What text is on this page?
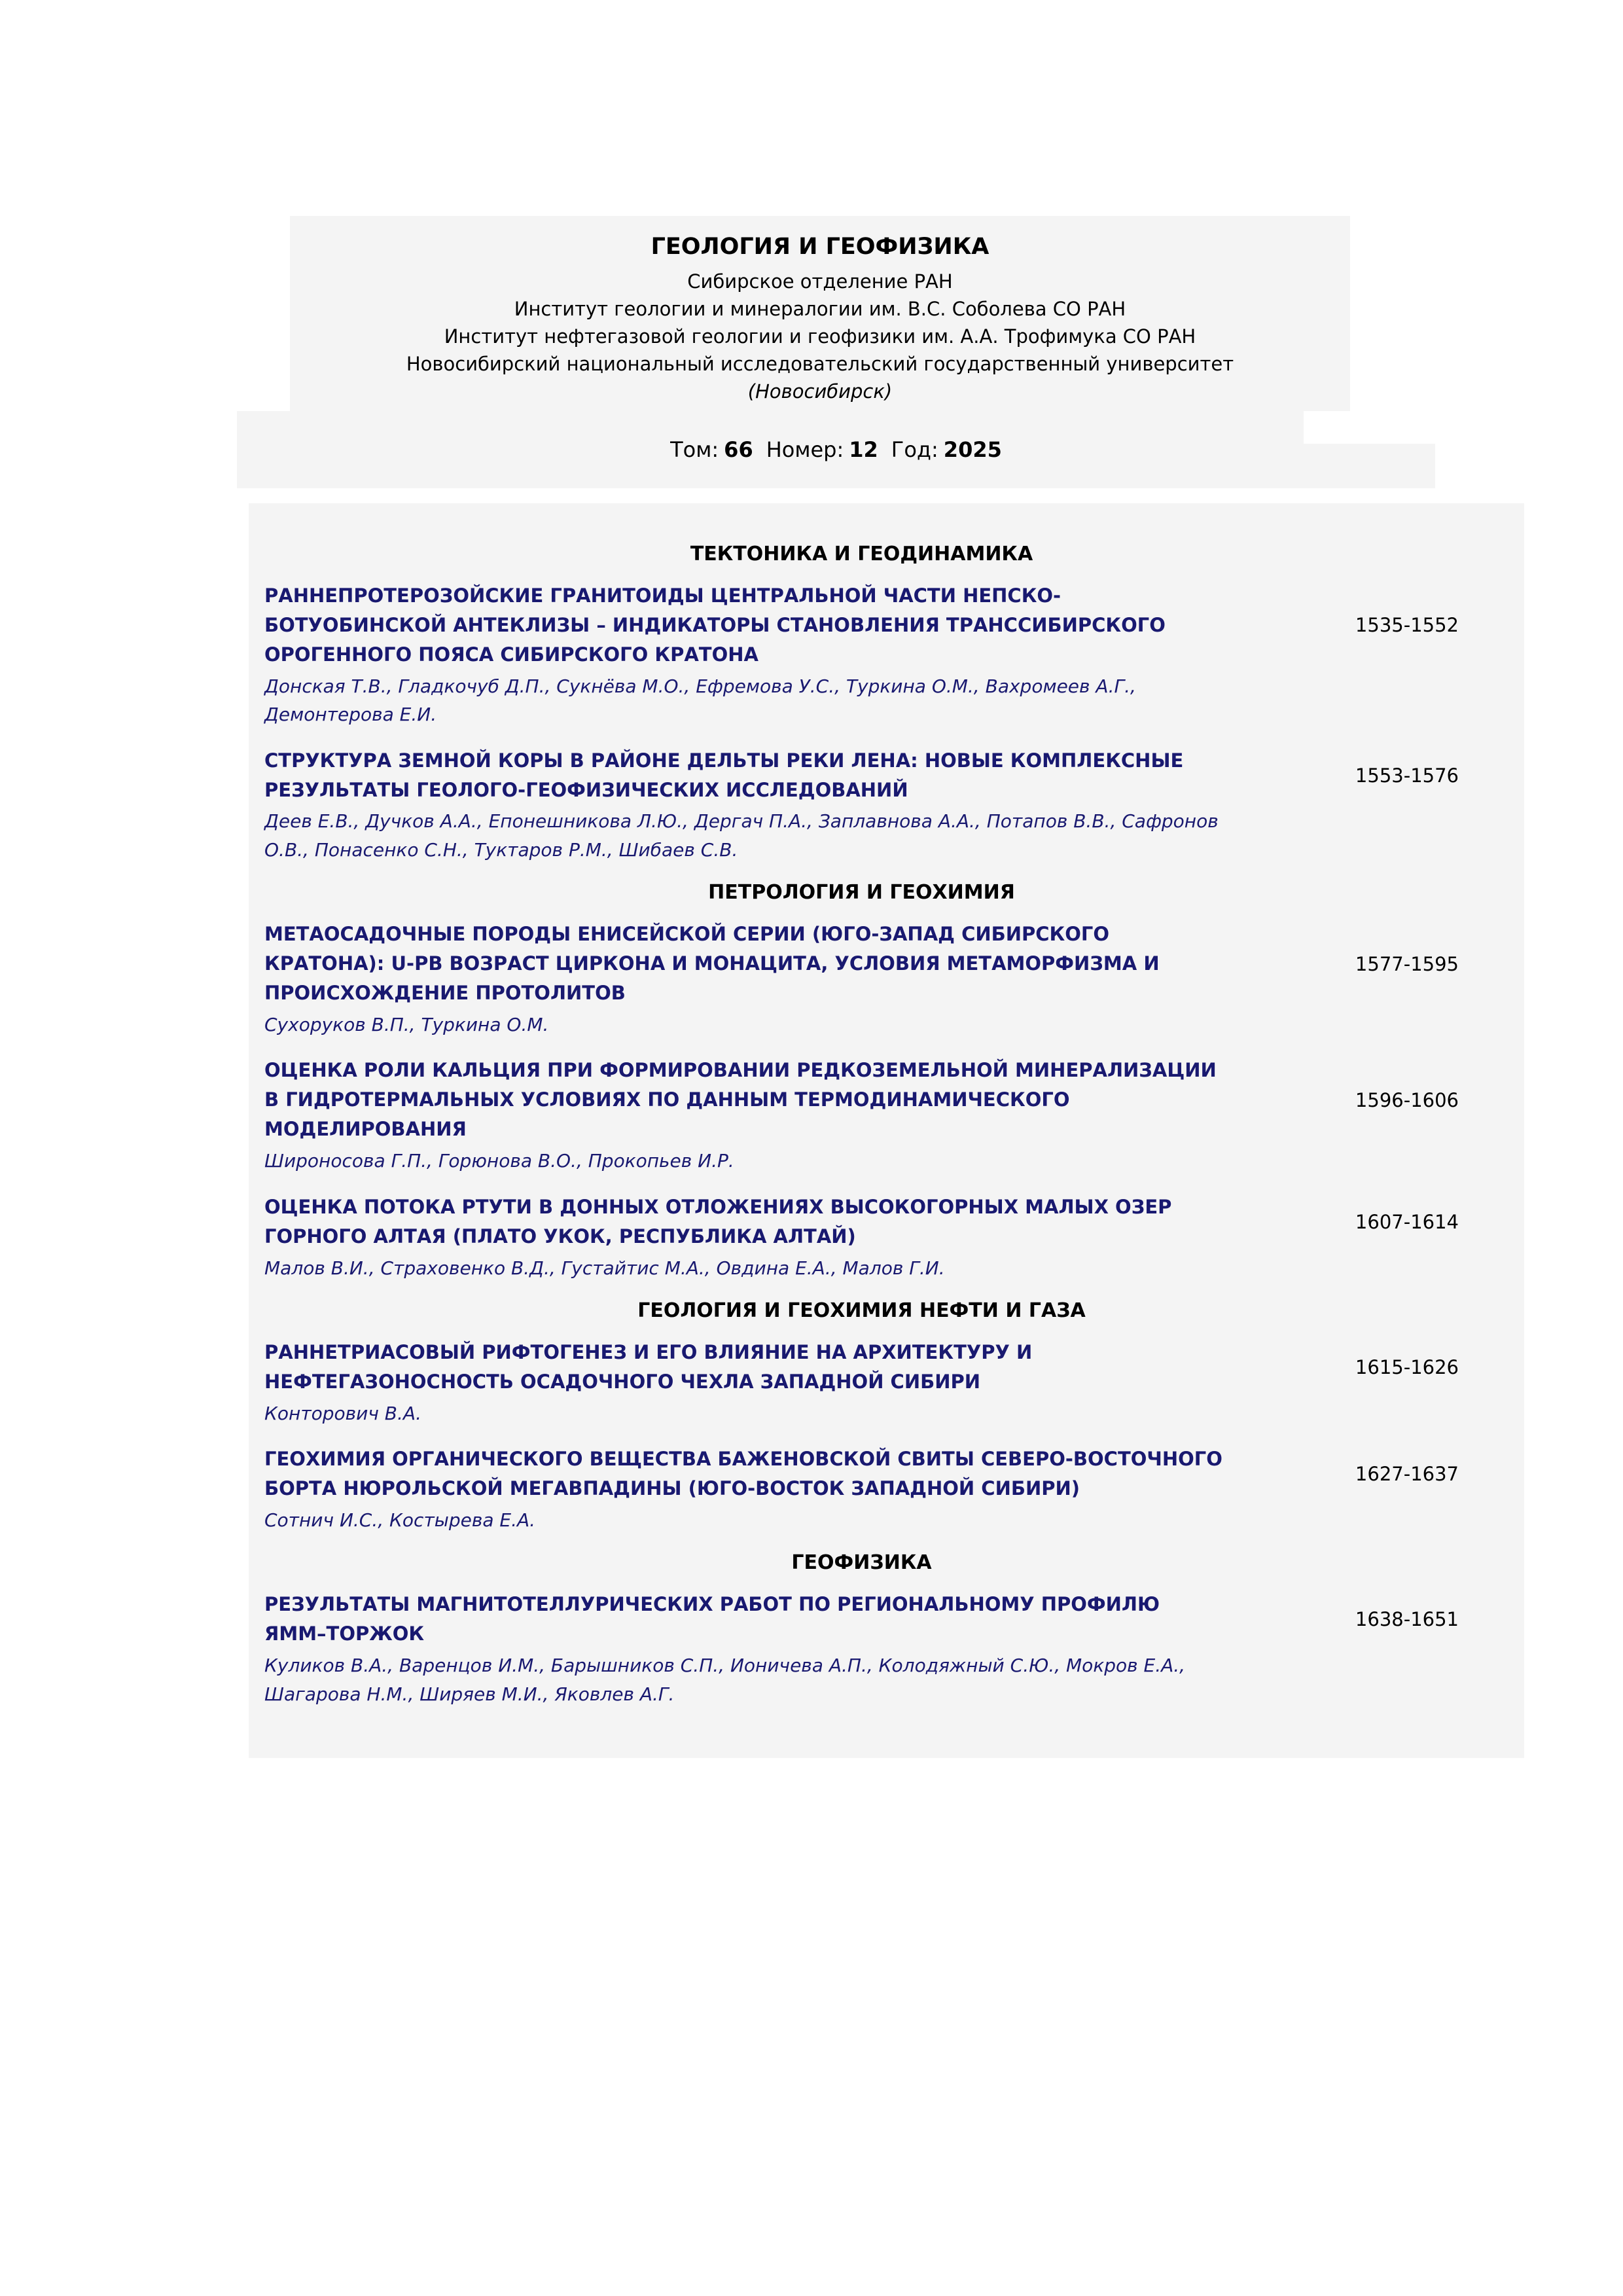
ГЕОЛОГИЯ И ГЕОФИЗИКА
Сибирское отделение РАН
Институт геологии и минералогии им. В.С. Соболева СО РАН
Институт нефтегазовой геологии и геофизики им. А.А. Трофимука СО РАН
Новосибирский национальный исследовательский государственный университет
(Новосибирск)
Том: 66 Номер: 12 Год: 2025
ТЕКТОНИКА И ГЕОДИНАМИКА
РАННЕПРОТЕРОЗОЙСКИЕ ГРАНИТОИДЫ ЦЕНТРАЛЬНОЙ ЧАСТИ НЕПСКО-БОТУОБИНСКОЙ АНТЕКЛИЗЫ – ИНДИКАТОРЫ СТАНОВЛЕНИЯ ТРАНССИБИРСКОГО ОРОГЕННОГО ПОЯСА СИБИРСКОГО КРАТОНА
Донская Т.В., Гладкочуб Д.П., Сукнёва М.О., Ефремова У.С., Туркина О.М., Вахромеев А.Г., Демонтерова Е.И.
1535-1552
СТРУКТУРА ЗЕМНОЙ КОРЫ В РАЙОНЕ ДЕЛЬТЫ РЕКИ ЛЕНА: НОВЫЕ КОМПЛЕКСНЫЕ РЕЗУЛЬТАТЫ ГЕОЛОГО-ГЕОФИЗИЧЕСКИХ ИССЛЕДОВАНИЙ
Деев Е.В., Дучков А.А., Епонешникова Л.Ю., Дергач П.А., Заплавнова А.А., Потапов В.В., Сафронов О.В., Понасенко С.Н., Туктаров Р.М., Шибаев С.В.
1553-1576
ПЕТРОЛОГИЯ И ГЕОХИМИЯ
МЕТАОСАДОЧНЫЕ ПОРОДЫ ЕНИСЕЙСКОЙ СЕРИИ (ЮГО-ЗАПАД СИБИРСКОГО КРАТОНА): U-PB ВОЗРАСТ ЦИРКОНА И МОНАЦИТА, УСЛОВИЯ МЕТАМОРФИЗМА И ПРОИСХОЖДЕНИЕ ПРОТОЛИТОВ
Сухоруков В.П., Туркина О.М.
1577-1595
ОЦЕНКА РОЛИ КАЛЬЦИЯ ПРИ ФОРМИРОВАНИИ РЕДКОЗЕМЕЛЬНОЙ МИНЕРАЛИЗАЦИИ В ГИДРОТЕРМАЛЬНЫХ УСЛОВИЯХ ПО ДАННЫМ ТЕРМОДИНАМИЧЕСКОГО МОДЕЛИРОВАНИЯ
Широносова Г.П., Горюнова В.О., Прокопьев И.Р.
1596-1606
ОЦЕНКА ПОТОКА РТУТИ В ДОННЫХ ОТЛОЖЕНИЯХ ВЫСОКОГОРНЫХ МАЛЫХ ОЗЕР ГОРНОГО АЛТАЯ (ПЛАТО УКОК, РЕСПУБЛИКА АЛТАЙ)
Малов В.И., Страховенко В.Д., Густайтис М.А., Овдина Е.А., Малов Г.И.
1607-1614
ГЕОЛОГИЯ И ГЕОХИМИЯ НЕФТИ И ГАЗА
РАННЕТРИАСОВЫЙ РИФТОГЕНЕЗ И ЕГО ВЛИЯНИЕ НА АРХИТЕКТУРУ И НЕФТЕГАЗОНОСНОСТЬ ОСАДОЧНОГО ЧЕХЛА ЗАПАДНОЙ СИБИРИ
Конторович В.А.
1615-1626
ГЕОХИМИЯ ОРГАНИЧЕСКОГО ВЕЩЕСТВА БАЖЕНОВСКОЙ СВИТЫ СЕВЕРО-ВОСТОЧНОГО БОРТА НЮРОЛЬСКОЙ МЕГАВПАДИНЫ (ЮГО-ВОСТОК ЗАПАДНОЙ СИБИРИ)
Сотнич И.С., Костырева Е.А.
1627-1637
ГЕОФИЗИКА
РЕЗУЛЬТАТЫ МАГНИТОТЕЛЛУРИЧЕСКИХ РАБОТ ПО РЕГИОНАЛЬНОМУ ПРОФИЛЮ ЯММ–ТОРЖОК
Куликов В.А., Варенцов И.М., Барышников С.П., Ионичева А.П., Колодяжный С.Ю., Мокров Е.А., Шагарова Н.М., Ширяев М.И., Яковлев А.Г.
1638-1651
